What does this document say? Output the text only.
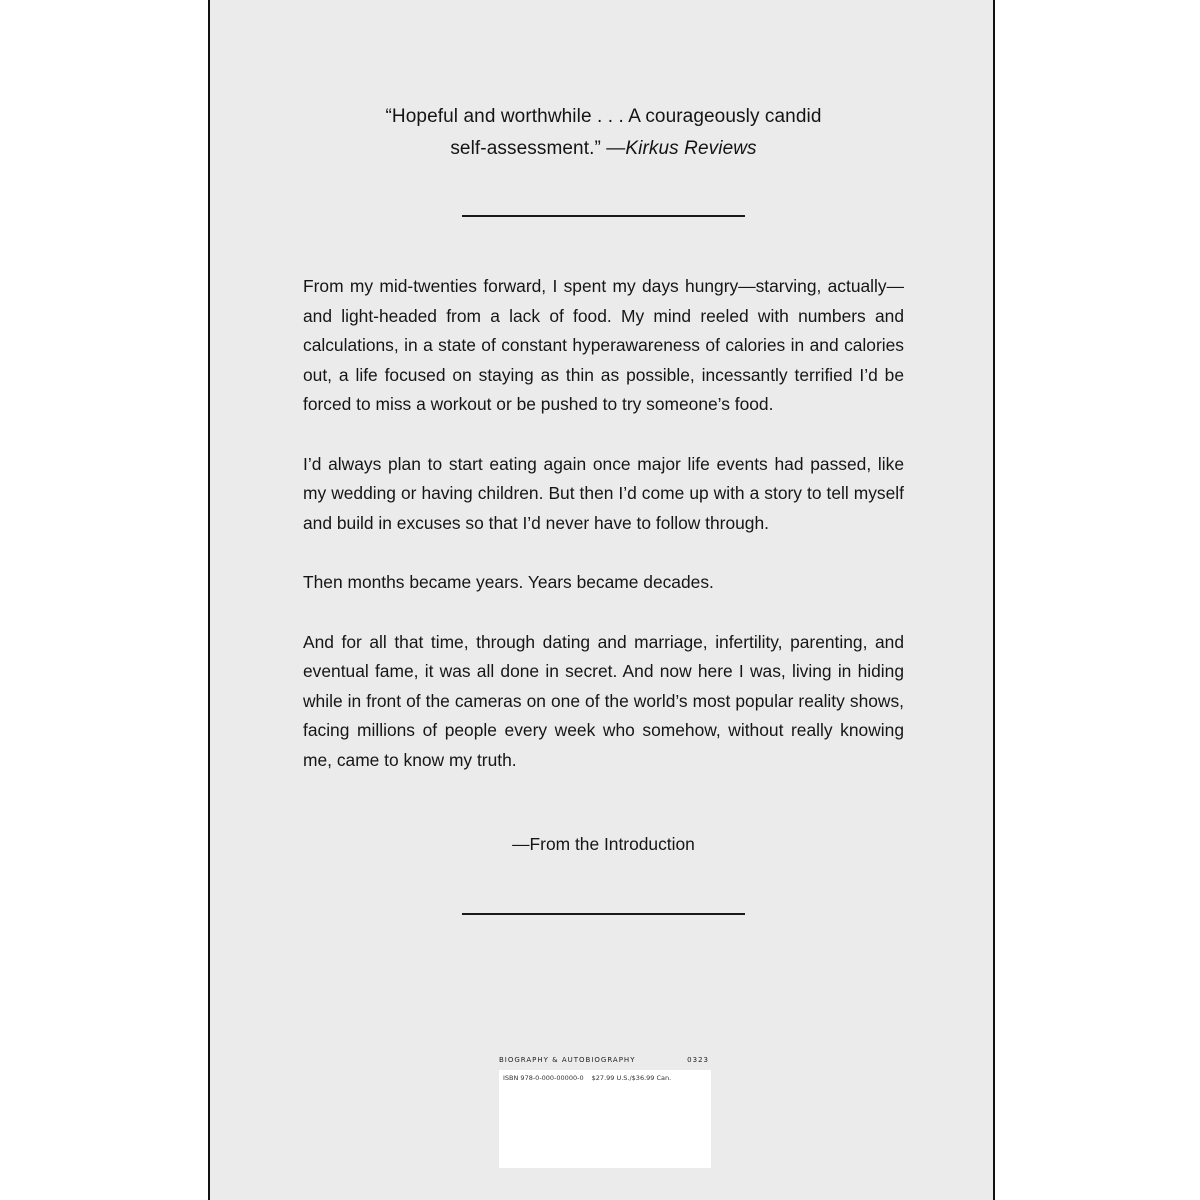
“Hopeful and worthwhile . . . A courageously candid
self-assessment.” —Kirkus Reviews

From my mid-twenties forward, I spent my days hungry—starving, actually—and light-headed from a lack of food. My mind reeled with numbers and calculations, in a state of constant hyperawareness of calories in and calories out, a life focused on staying as thin as possible, incessantly terrified I’d be forced to miss a workout or be pushed to try someone’s food.

I’d always plan to start eating again once major life events had passed, like my wedding or having children. But then I’d come up with a story to tell myself and build in excuses so that I’d never have to follow through.

Then months became years. Years became decades.

And for all that time, through dating and marriage, infertility, parenting, and eventual fame, it was all done in secret. And now here I was, living in hiding while in front of the cameras on one of the world’s most popular reality shows, facing millions of people every week who somehow, without really knowing me, came to know my truth.

—From the Introduction
BIOGRAPHY & AUTOBIOGRAPHY	0323
ISBN 978-0-000-00000-0 $27.99 U.S./$36.99 Can.
